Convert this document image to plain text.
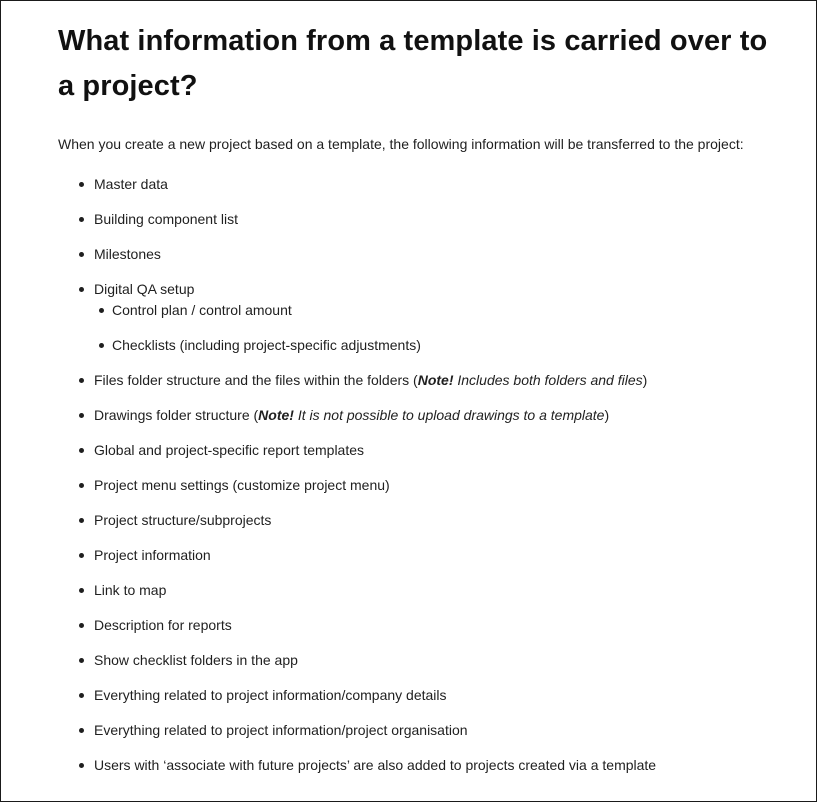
What information from a template is carried over to a project?

When you create a new project based on a template, the following information will be transferred to the project:

Master data
Building component list
Milestones
Digital QA setup
Control plan / control amount
Checklists (including project-specific adjustments)
Files folder structure and the files within the folders (Note! Includes both folders and files)
Drawings folder structure (Note! It is not possible to upload drawings to a template)
Global and project-specific report templates
Project menu settings (customize project menu)
Project structure/subprojects
Project information
Link to map
Description for reports
Show checklist folders in the app
Everything related to project information/company details
Everything related to project information/project organisation
Users with ‘associate with future projects’ are also added to projects created via a template
